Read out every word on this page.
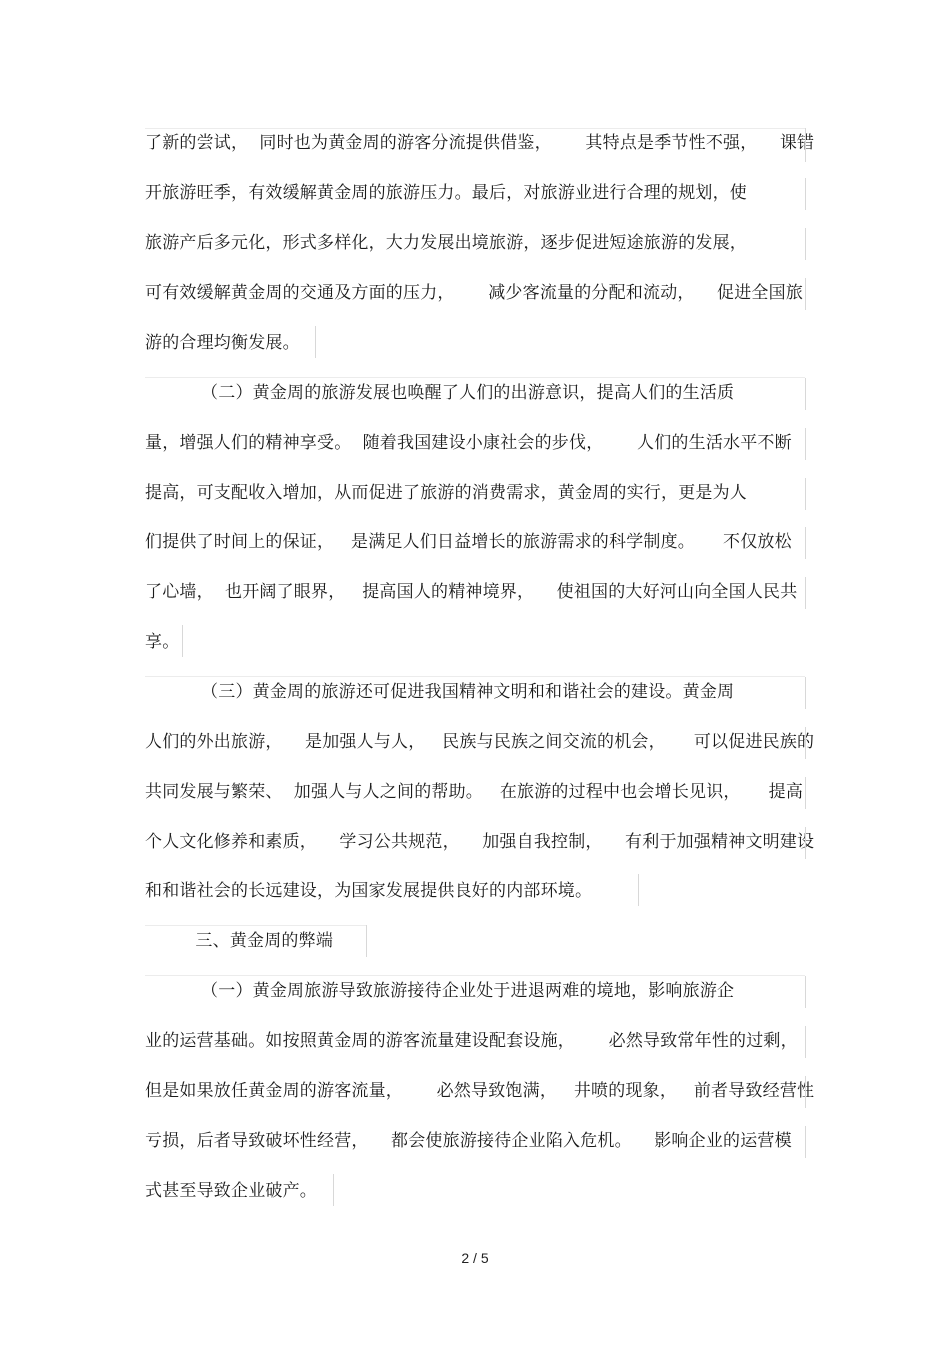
了新的尝试，  同时也为黄金周的游客分流提供借鉴，      其特点是季节性不强，    课错
开旅游旺季，有效缓解黄金周的旅游压力。最后，对旅游业进行合理的规划，使
旅游产后多元化，形式多样化，大力发展出境旅游，逐步促进短途旅游的发展，
可有效缓解黄金周的交通及方面的压力，      减少客流量的分配和流动，    促进全国旅
游的合理均衡发展。
（二）黄金周的旅游发展也唤醒了人们的出游意识，提高人们的生活质
量，增强人们的精神享受。  随着我国建设小康社会的步伐，      人们的生活水平不断
提高，可支配收入增加，从而促进了旅游的消费需求，黄金周的实行，更是为人
们提供了时间上的保证，   是满足人们日益增长的旅游需求的科学制度。     不仅放松
了心墙，  也开阔了眼界，   提高国人的精神境界，    使祖国的大好河山向全国人民共
享。
（三）黄金周的旅游还可促进我国精神文明和和谐社会的建设。黄金周
人们的外出旅游，    是加强人与人，   民族与民族之间交流的机会，     可以促进民族的
共同发展与繁荣、  加强人与人之间的帮助。   在旅游的过程中也会增长见识，     提高
个人文化修养和素质，    学习公共规范，    加强自我控制，    有利于加强精神文明建设
和和谐社会的长远建设，为国家发展提供良好的内部环境。
三、黄金周的弊端
（一）黄金周旅游导致旅游接待企业处于进退两难的境地，影响旅游企
业的运营基础。如按照黄金周的游客流量建设配套设施，      必然导致常年性的过剩，
但是如果放任黄金周的游客流量，      必然导致饱满，   井喷的现象，   前者导致经营性
亏损，后者导致破坏性经营，    都会使旅游接待企业陷入危机。    影响企业的运营模
式甚至导致企业破产。
2 / 5
